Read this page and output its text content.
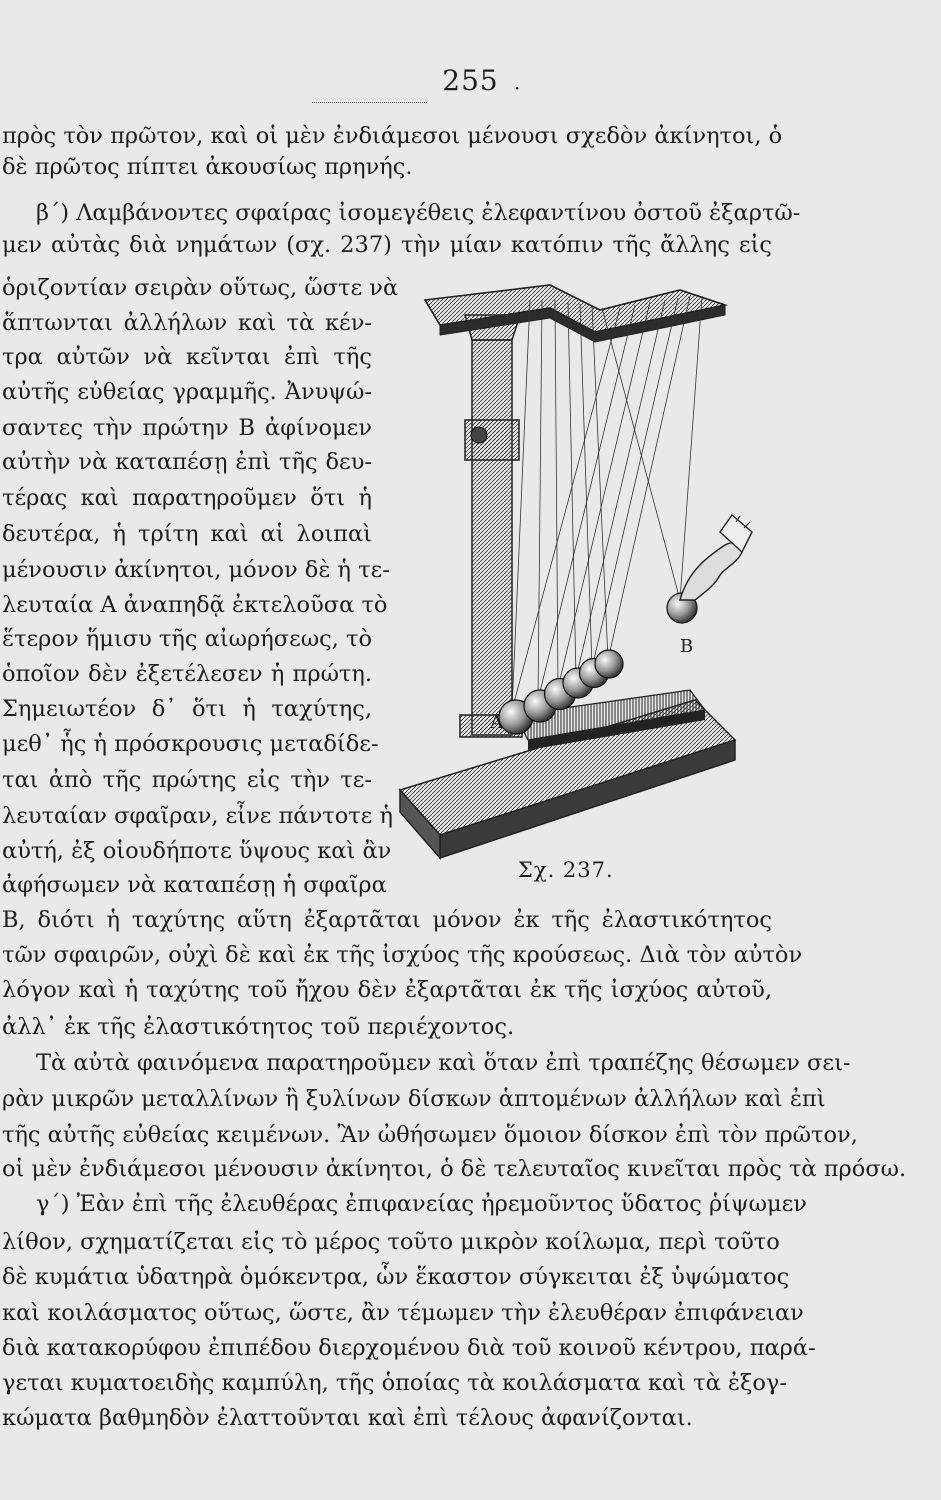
255 ·
πρὸς τὸν πρῶτον, καὶ οἱ μὲν ἐνδιάμεσοι μένουσι σχεδὸν ἀκίνητοι, ὁ
δὲ πρῶτος πίπτει ἀκουσίως πρηνής.
β΄) Λαμβάνοντες σφαίρας ἰσομεγέθεις ἐλεφαντίνου ὀστοῦ ἐξαρτῶ-
μεν αὐτὰς διὰ νημάτων (σχ. 237) τὴν μίαν κατόπιν τῆς ἄλλης εἰς
ὁριζοντίαν σειρὰν οὕτως, ὥστε νὰ
ἅπτωνται ἀλλήλων καὶ τὰ κέν-
τρα αὐτῶν νὰ κεῖνται ἐπὶ τῆς
αὐτῆς εὐθείας γραμμῆς. Ἀνυψώ-
σαντες τὴν πρώτην Β ἀφίνομεν
αὐτὴν νὰ καταπέσῃ ἐπὶ τῆς δευ-
τέρας καὶ παρατηροῦμεν ὅτι ἡ
δευτέρα, ἡ τρίτη καὶ αἱ λοιπαὶ
μένουσιν ἀκίνητοι, μόνον δὲ ἡ τε-
λευταία Α ἀναπηδᾷ ἐκτελοῦσα τὸ
ἕτερον ἥμισυ τῆς αἰωρήσεως, τὸ
ὁποῖον δὲν ἐξετέλεσεν ἡ πρώτη.
Σημειωτέον δ᾽ ὅτι ἡ ταχύτης,
μεθ᾽ ἧς ἡ πρόσκρουσις μεταδίδε-
ται ἀπὸ τῆς πρώτης εἰς τὴν τε-
λευταίαν σφαῖραν, εἶνε πάντοτε ἡ
αὐτή, ἐξ οἱουδήποτε ὕψους καὶ ἂν
ἀφήσωμεν νὰ καταπέσῃ ἡ σφαῖρα
Β, διότι ἡ ταχύτης αὕτη ἐξαρτᾶται μόνον ἐκ τῆς ἐλαστικότητος
τῶν σφαιρῶν, οὐχὶ δὲ καὶ ἐκ τῆς ἰσχύος τῆς κρούσεως. Διὰ τὸν αὐτὸν
λόγον καὶ ἡ ταχύτης τοῦ ἤχου δὲν ἐξαρτᾶται ἐκ τῆς ἰσχύος αὐτοῦ,
ἀλλ᾽ ἐκ τῆς ἐλαστικότητος τοῦ περιέχοντος.
Τὰ αὐτὰ φαινόμενα παρατηροῦμεν καὶ ὅταν ἐπὶ τραπέζης θέσωμεν σει-
ρὰν μικρῶν μεταλλίνων ἢ ξυλίνων δίσκων ἁπτομένων ἀλλήλων καὶ ἐπὶ
τῆς αὐτῆς εὐθείας κειμένων. Ἂν ὠθήσωμεν ὅμοιον δίσκον ἐπὶ τὸν πρῶτον,
οἱ μὲν ἐνδιάμεσοι μένουσιν ἀκίνητοι, ὁ δὲ τελευταῖος κινεῖται πρὸς τὰ πρόσω.
γ΄) Ἐὰν ἐπὶ τῆς ἐλευθέρας ἐπιφανείας ἠρεμοῦντος ὕδατος ῥίψωμεν
λίθον, σχηματίζεται εἰς τὸ μέρος τοῦτο μικρὸν κοίλωμα, περὶ τοῦτο
δὲ κυμάτια ὑδατηρὰ ὁμόκεντρα, ὧν ἕκαστον σύγκειται ἐξ ὑψώματος
καὶ κοιλάσματος οὕτως, ὥστε, ἂν τέμωμεν τὴν ἐλευθέραν ἐπιφάνειαν
διὰ κατακορύφου ἐπιπέδου διερχομένου διὰ τοῦ κοινοῦ κέντρου, παρά-
γεται κυματοειδὴς καμπύλη, τῆς ὁποίας τὰ κοιλάσματα καὶ τὰ ἐξογ-
κώματα βαθμηδὸν ἐλαττοῦνται καὶ ἐπὶ τέλους ἀφανίζονται.
Α
Β
Σχ. 237.
